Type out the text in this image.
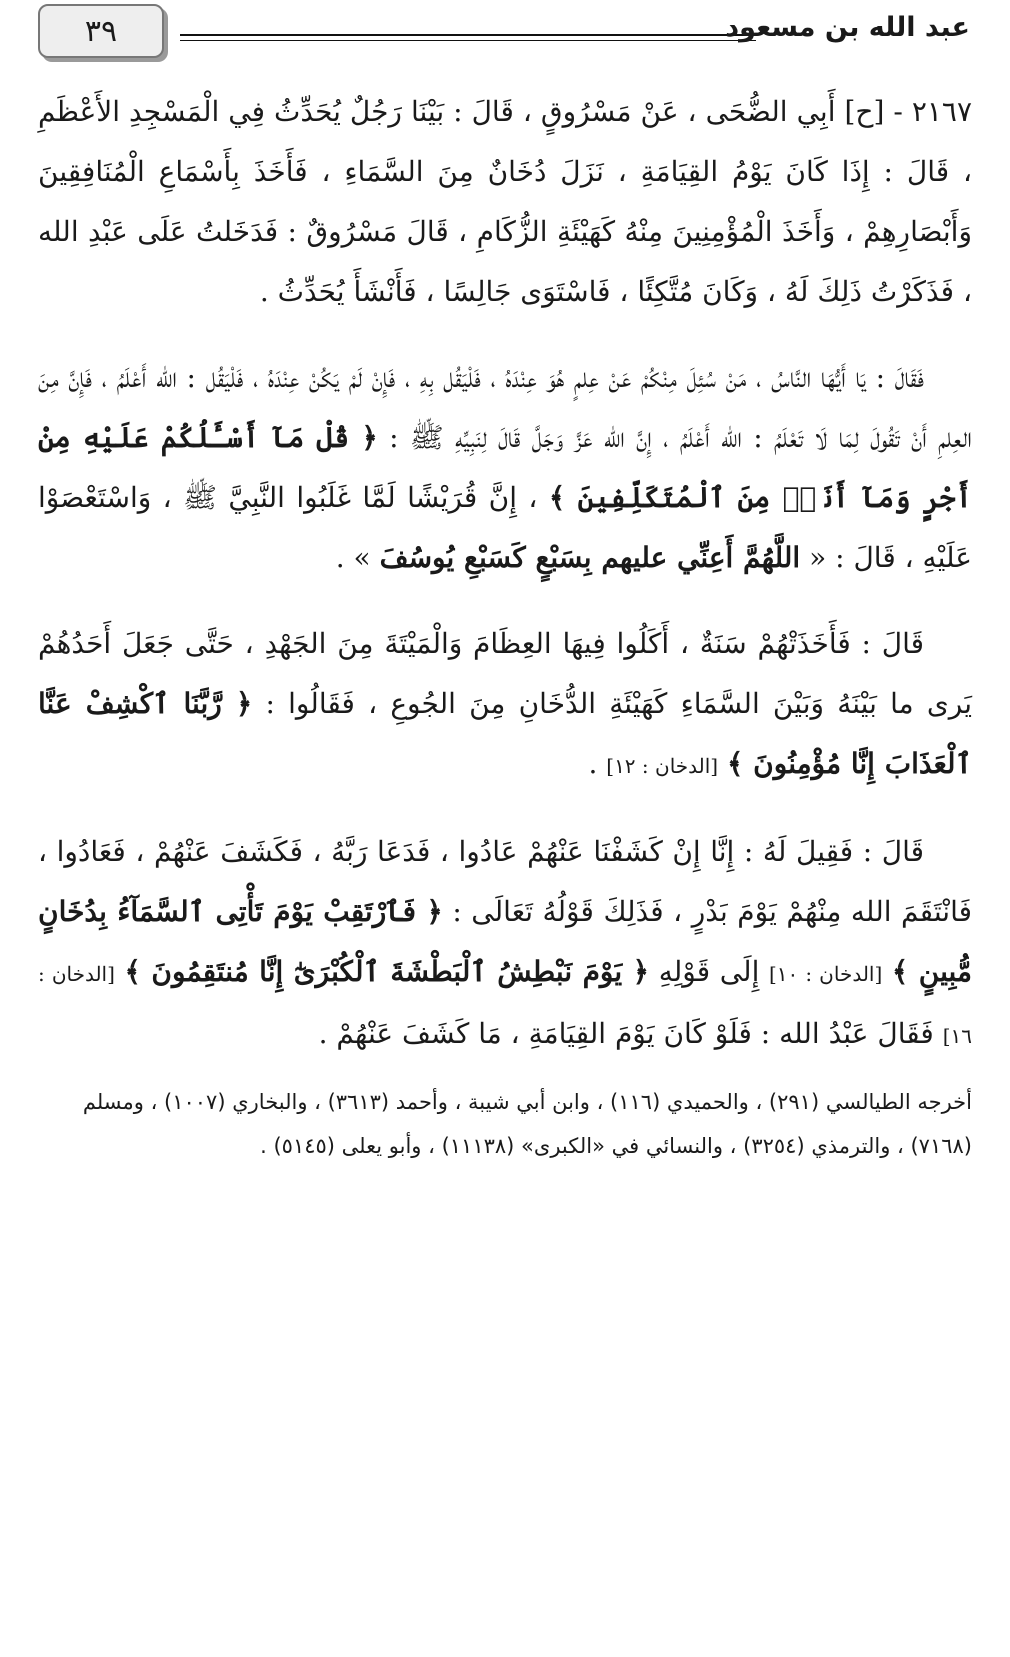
٣٩	عبد الله بن مسعود

٢١٦٧ - [ح] أَبِي الضُّحَى ، عَنْ مَسْرُوقٍ ، قَالَ : بَيْنَا رَجُلٌ يُحَدِّثُ فِي الْمَسْجِدِ الأَعْظَمِ ، قَالَ : إِذَا كَانَ يَوْمُ القِيَامَةِ ، نَزَلَ دُخَانٌ مِنَ السَّمَاءِ ، فَأَخَذَ بِأَسْمَاعِ الْمُنَافِقِينَ وَأَبْصَارِهِمْ ، وَأَخَذَ الْمُؤْمِنِينَ مِنْهُ كَهَيْئَةِ الزُّكَامِ ، قَالَ مَسْرُوقٌ : فَدَخَلتُ عَلَى عَبْدِ الله ، فَذَكَرْتُ ذَلِكَ لَهُ ، وَكَانَ مُتَّكِئًا ، فَاسْتَوَى جَالِسًا ، فَأَنْشَأَ يُحَدِّثُ .

فَقَالَ : يَا أَيُّهَا النَّاسُ ، مَنْ سُئِلَ مِنْكُمْ عَنْ عِلمٍ هُوَ عِنْدَهُ ، فَلْيَقُل بِهِ ، فَإِنْ لَمْ يَكُنْ عِنْدَهُ ، فَلْيَقُل : الله أَعْلَمُ ، فَإِنَّ مِنَ العِلمِ أَنْ تَقُولَ لِمَا لَا تَعْلَمُ : الله أَعْلَمُ ، إِنَّ الله عَزَّ وَجَلَّ قَالَ لِنَبِيِّهِ ﷺ : ﴿ قُلْ مَآ أَسْـَٔلُكُمْ عَلَيْهِ مِنْ أَجْرٍ وَمَآ أَنَا۠ مِنَ ٱلْمُتَكَلِّفِينَ ﴾ ، إِنَّ قُرَيْشًا لَمَّا غَلَبُوا النَّبِيَّ ﷺ ، وَاسْتَعْصَوْا عَلَيْهِ ، قَالَ : « اللَّهُمَّ أَعِنِّي عليهم بِسَبْعٍ كَسَبْعِ يُوسُفَ » .

قَالَ : فَأَخَذَتْهُمْ سَنَةٌ ، أَكَلُوا فِيهَا العِظَامَ وَالْمَيْتَةَ مِنَ الجَهْدِ ، حَتَّى جَعَلَ أَحَدُهُمْ يَرى ما بَيْنَهُ وَبَيْنَ السَّمَاءِ كَهَيْئَةِ الدُّخَانِ مِنَ الجُوعِ ، فَقَالُوا : ﴿ رَّبَّنَا ٱكْشِفْ عَنَّا ٱلْعَذَابَ إِنَّا مُؤْمِنُونَ ﴾ [الدخان : ١٢] .

قَالَ : فَقِيلَ لَهُ : إِنَّا إِنْ كَشَفْنَا عَنْهُمْ عَادُوا ، فَدَعَا رَبَّهُ ، فَكَشَفَ عَنْهُمْ ، فَعَادُوا ، فَانْتَقَمَ الله مِنْهُمْ يَوْمَ بَدْرٍ ، فَذَلِكَ قَوْلُهُ تَعَالَى : ﴿ فَٱرْتَقِبْ يَوْمَ تَأْتِى ٱلسَّمَآءُ بِدُخَانٍ مُّبِينٍ ﴾ [الدخان : ١٠] إِلَى قَوْلِهِ ﴿ يَوْمَ نَبْطِشُ ٱلْبَطْشَةَ ٱلْكُبْرَىٰٓ إِنَّا مُنتَقِمُونَ ﴾ [الدخان : ١٦] فَقَالَ عَبْدُ الله : فَلَوْ كَانَ يَوْمَ القِيَامَةِ ، مَا كَشَفَ عَنْهُمْ .

أخرجه الطيالسي (٢٩١) ، والحميدي (١١٦) ، وابن أبي شيبة ، وأحمد (٣٦١٣) ، والبخاري (١٠٠٧) ، ومسلم (٧١٦٨) ، والترمذي (٣٢٥٤) ، والنسائي في «الكبرى» (١١١٣٨) ، وأبو يعلى (٥١٤٥) .
